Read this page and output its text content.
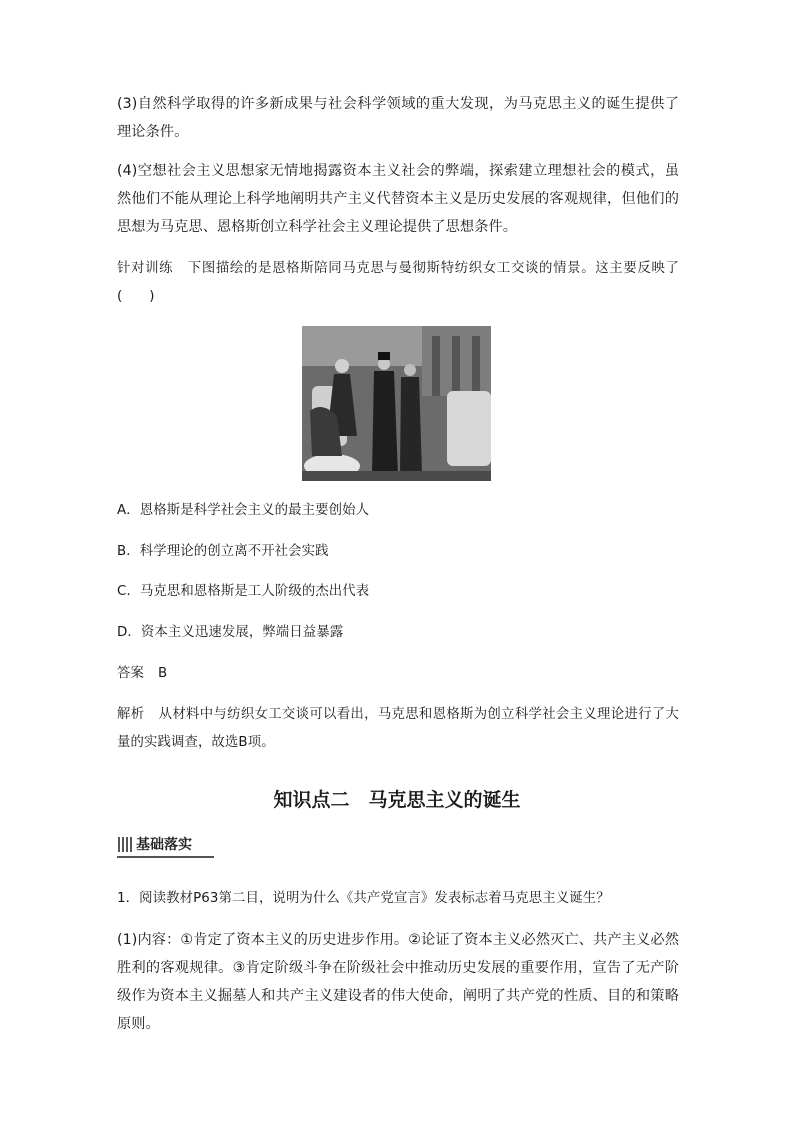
(3)自然科学取得的许多新成果与社会科学领域的重大发现，为马克思主义的诞生提供了理论条件。

(4)空想社会主义思想家无情地揭露资本主义社会的弊端，探索建立理想社会的模式，虽然他们不能从理论上科学地阐明共产主义代替资本主义是历史发展的客观规律，但他们的思想为马克思、恩格斯创立科学社会主义理论提供了思想条件。

针对训练 下图描绘的是恩格斯陪同马克思与曼彻斯特纺织女工交谈的情景。这主要反映了(　　)

A．恩格斯是科学社会主义的最主要创始人

B．科学理论的创立离不开社会实践

C．马克思和恩格斯是工人阶级的杰出代表

D．资本主义迅速发展，弊端日益暴露

答案 B

解析 从材料中与纺织女工交谈可以看出，马克思和恩格斯为创立科学社会主义理论进行了大量的实践调查，故选B项。

知识点二　马克思主义的诞生
基础落实

1．阅读教材P63第二目，说明为什么《共产党宣言》发表标志着马克思主义诞生？

(1)内容：①肯定了资本主义的历史进步作用。②论证了资本主义必然灭亡、共产主义必然胜利的客观规律。③肯定阶级斗争在阶级社会中推动历史发展的重要作用，宣告了无产阶级作为资本主义掘墓人和共产主义建设者的伟大使命，阐明了共产党的性质、目的和策略原则。
